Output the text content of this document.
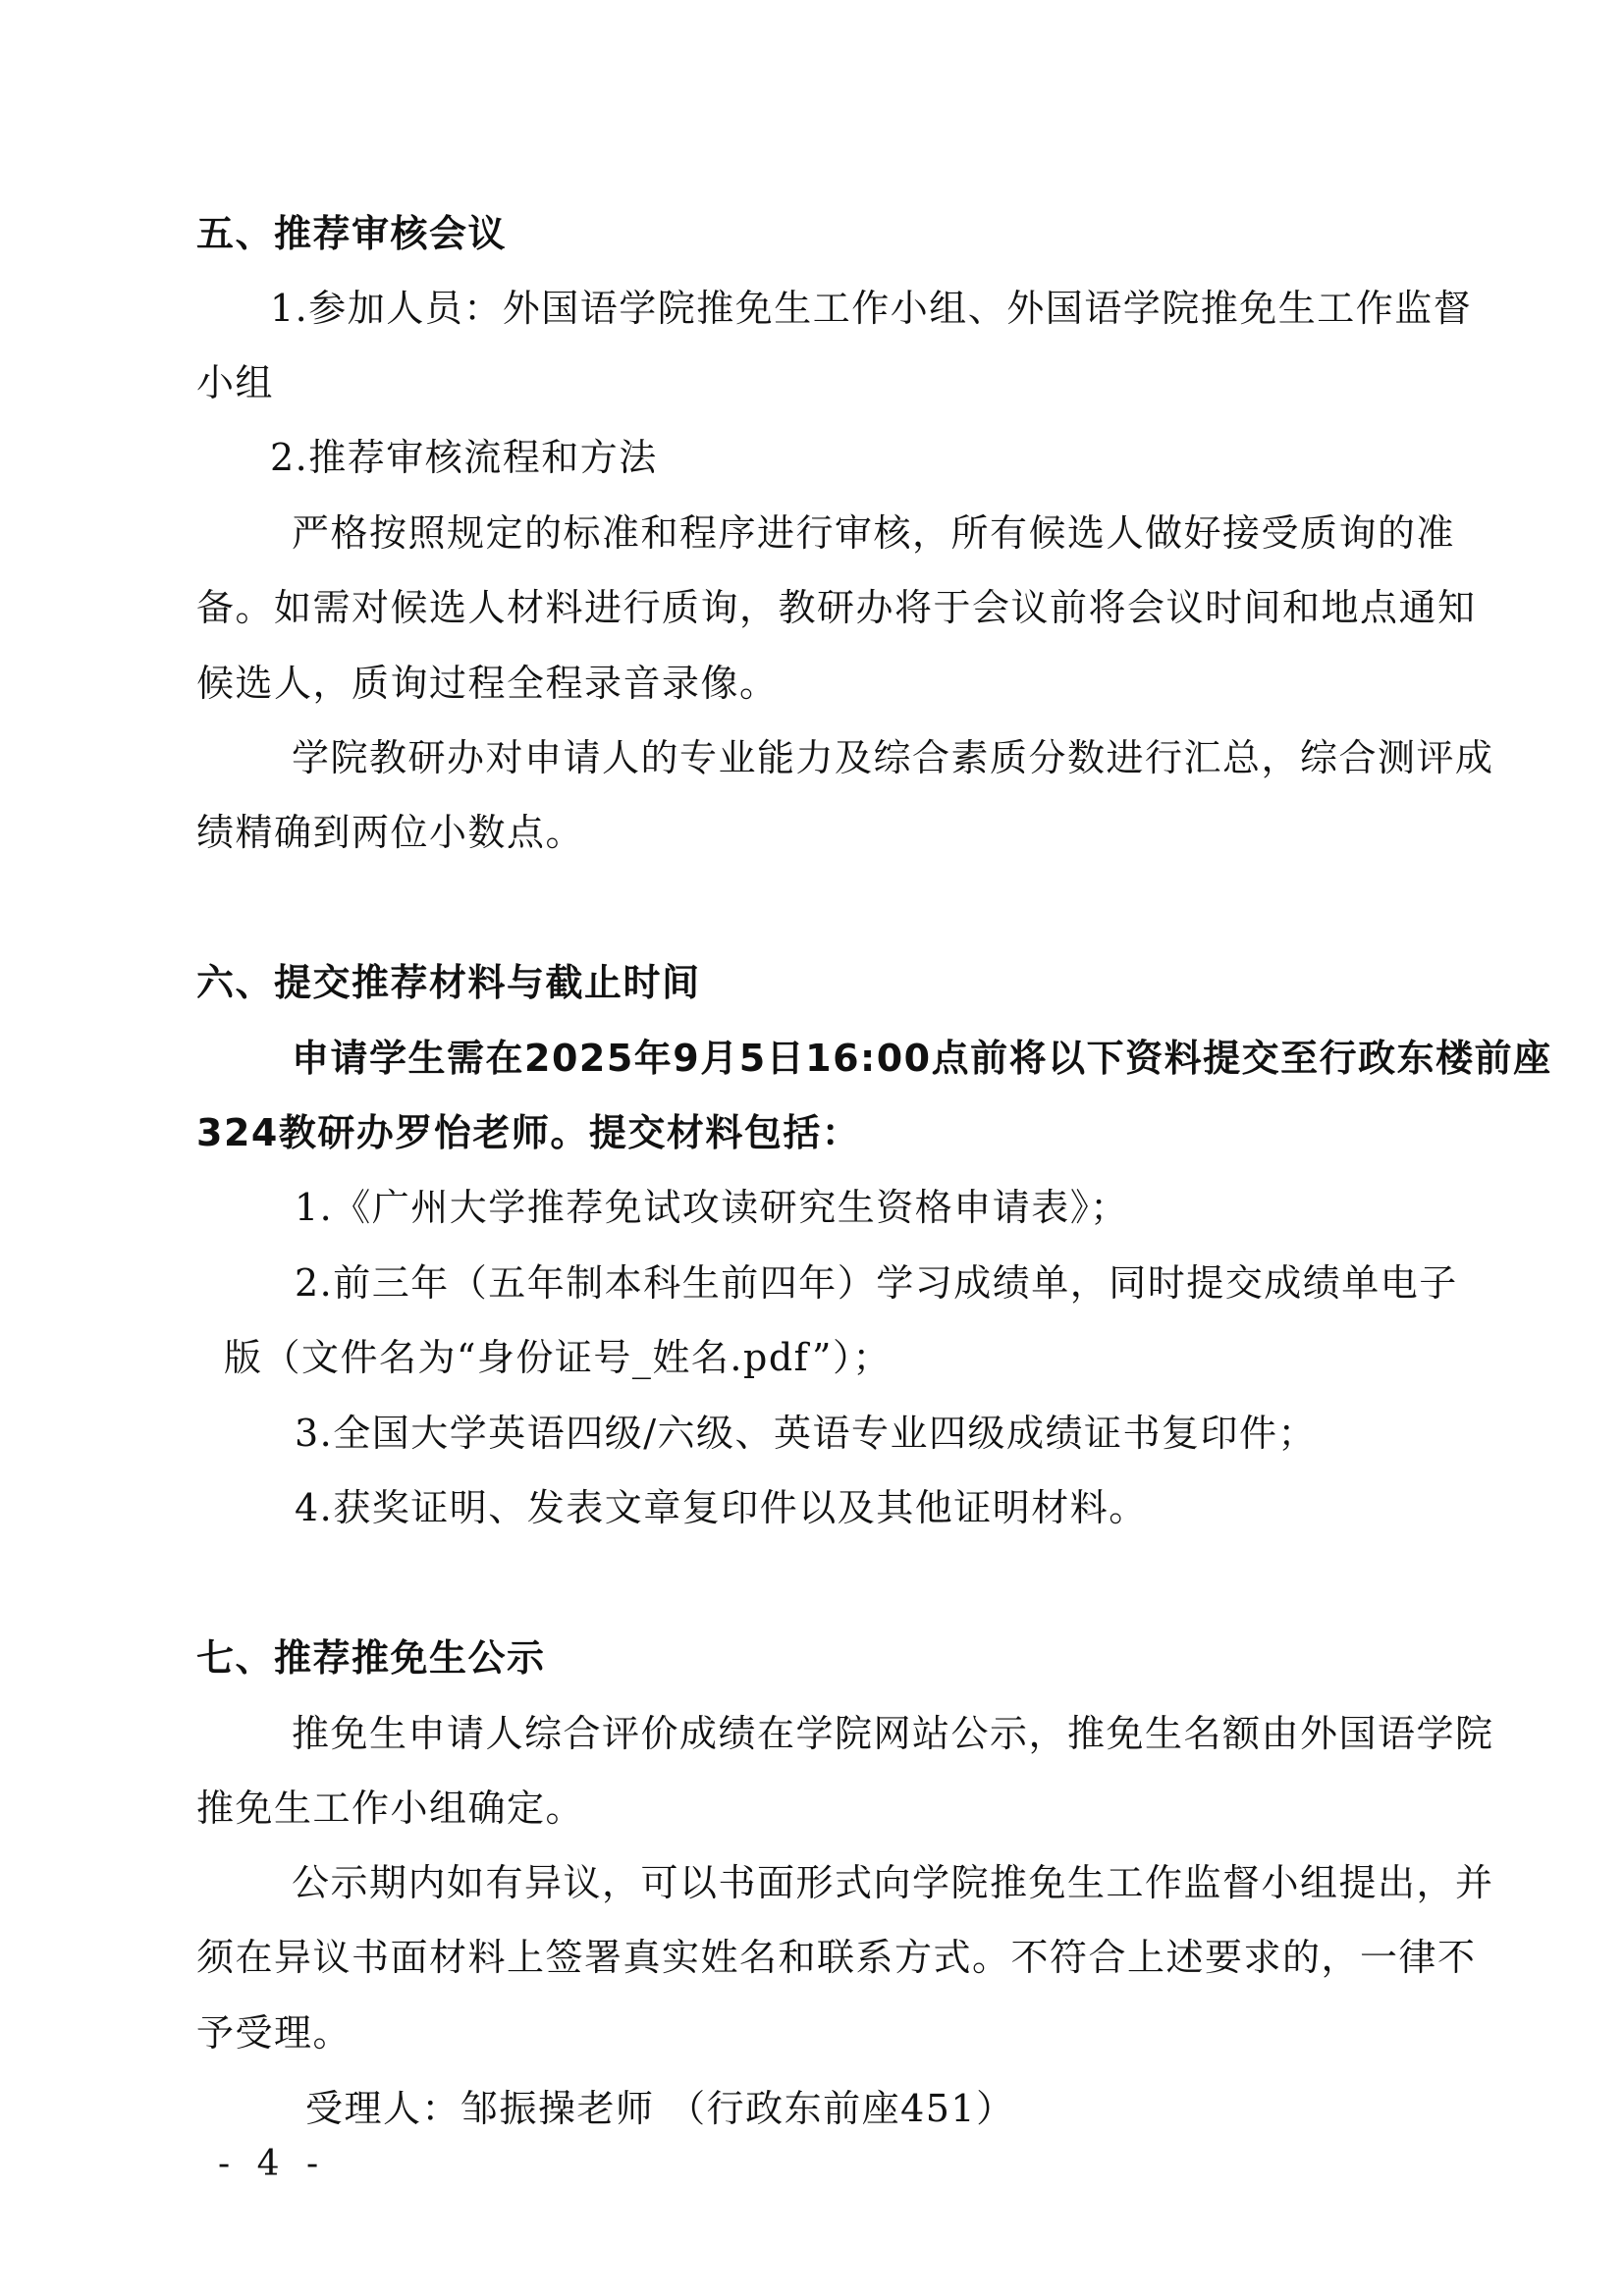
五、推荐审核会议
1.参加人员：外国语学院推免生工作小组、外国语学院推免生工作监督
小组
2.推荐审核流程和方法
严格按照规定的标准和程序进行审核，所有候选人做好接受质询的准
备。如需对候选人材料进行质询，教研办将于会议前将会议时间和地点通知
候选人，质询过程全程录音录像。
学院教研办对申请人的专业能力及综合素质分数进行汇总，综合测评成
绩精确到两位小数点。
六、提交推荐材料与截止时间
申请学生需在2025年9月5日16:00点前将以下资料提交至行政东楼前座
324教研办罗怡老师。提交材料包括：
1.《广州大学推荐免试攻读研究生资格申请表》；
2.前三年（五年制本科生前四年）学习成绩单，同时提交成绩单电子
版（文件名为“身份证号_姓名.pdf”）；
3.全国大学英语四级/六级、英语专业四级成绩证书复印件；
4.获奖证明、发表文章复印件以及其他证明材料。
七、推荐推免生公示
推免生申请人综合评价成绩在学院网站公示，推免生名额由外国语学院
推免生工作小组确定。
公示期内如有异议，可以书面形式向学院推免生工作监督小组提出，并
须在异议书面材料上签署真实姓名和联系方式。不符合上述要求的，一律不
予受理。
受理人：邹振操老师 （行政东前座451）
- 4 -
